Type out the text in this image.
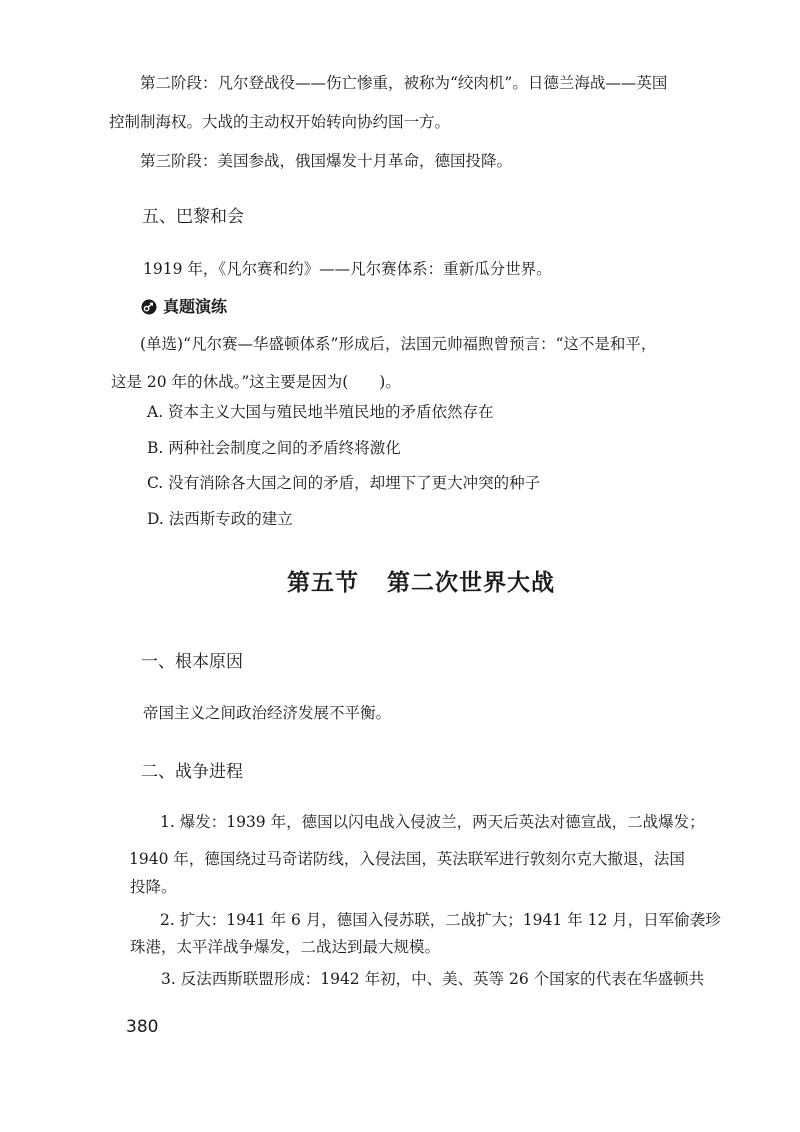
第二阶段：凡尔登战役——伤亡惨重，被称为“绞肉机”。日德兰海战——英国
控制制海权。大战的主动权开始转向协约国一方。
第三阶段：美国参战，俄国爆发十月革命，德国投降。
五、巴黎和会
1919 年，《凡尔赛和约》——凡尔赛体系：重新瓜分世界。
真题演练
(单选)“凡尔赛—华盛顿体系”形成后，法国元帅福煦曾预言：“这不是和平，
这是 20 年的休战。”这主要是因为(　　)。
A. 资本主义大国与殖民地半殖民地的矛盾依然存在
B. 两种社会制度之间的矛盾终将激化
C. 没有消除各大国之间的矛盾，却埋下了更大冲突的种子
D. 法西斯专政的建立
第五节 第二次世界大战
一、根本原因
帝国主义之间政治经济发展不平衡。
二、战争进程
1. 爆发：1939 年，德国以闪电战入侵波兰，两天后英法对德宣战，二战爆发；
1940 年，德国绕过马奇诺防线，入侵法国，英法联军进行敦刻尔克大撤退，法国
投降。
2. 扩大：1941 年 6 月，德国入侵苏联，二战扩大；1941 年 12 月，日军偷袭珍
珠港，太平洋战争爆发，二战达到最大规模。
3. 反法西斯联盟形成：1942 年初，中、美、英等 26 个国家的代表在华盛顿共
380
